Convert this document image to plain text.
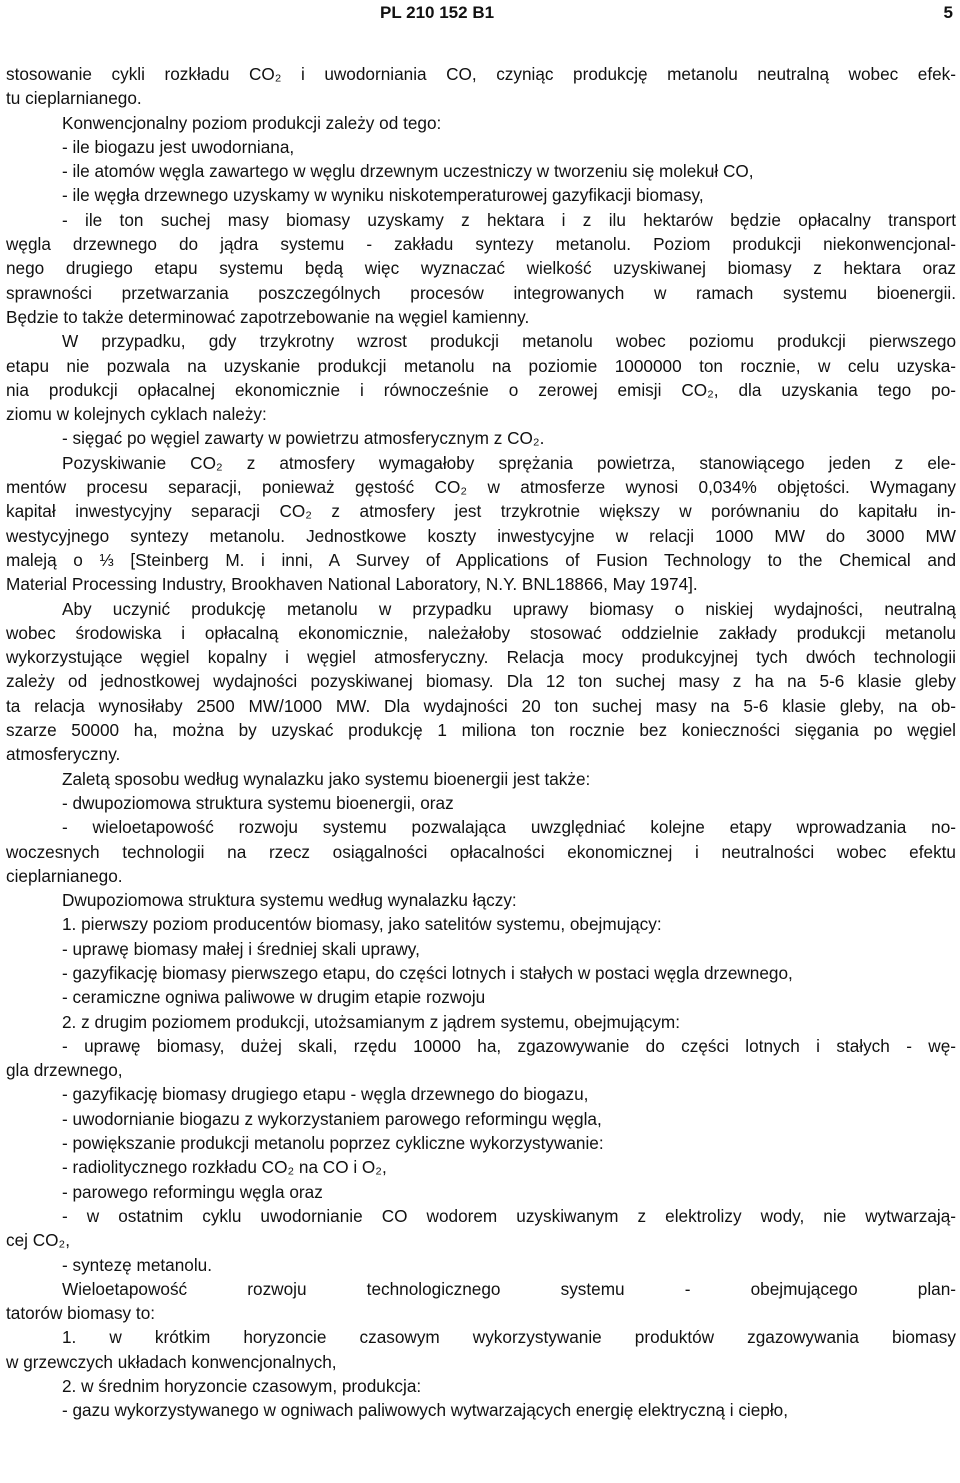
PL 210 152 B1	5
stosowanie cykli rozkładu CO₂ i uwodorniania CO, czyniąc produkcję metanolu neutralną wobec efek-
tu cieplarnianego.
Konwencjonalny poziom produkcji zależy od tego:
- ile biogazu jest uwodorniana,
- ile atomów węgla zawartego w węglu drzewnym uczestniczy w tworzeniu się molekuł CO,
- ile węgła drzewnego uzyskamy w wyniku niskotemperaturowej gazyfikacji biomasy,
- ile ton suchej masy biomasy uzyskamy z hektara i z ilu hektarów będzie opłacalny transport
węgla drzewnego do jądra systemu - zakładu syntezy metanolu. Poziom produkcji niekonwencjonal-
nego drugiego etapu systemu będą więc wyznaczać wielkość uzyskiwanej biomasy z hektara oraz
sprawności przetwarzania poszczególnych procesów integrowanych w ramach systemu bioenergii.
Będzie to także determinować zapotrzebowanie na węgiel kamienny.
W przypadku, gdy trzykrotny wzrost produkcji metanolu wobec poziomu produkcji pierwszego
etapu nie pozwala na uzyskanie produkcji metanolu na poziomie 1000000 ton rocznie, w celu uzyska-
nia produkcji opłacalnej ekonomicznie i równocześnie o zerowej emisji CO₂, dla uzyskania tego po-
ziomu w kolejnych cyklach należy:
- sięgać po węgiel zawarty w powietrzu atmosferycznym z CO₂.
Pozyskiwanie CO₂ z atmosfery wymagałoby sprężania powietrza, stanowiącego jeden z ele-
mentów procesu separacji, ponieważ gęstość CO₂ w atmosferze wynosi 0,034% objętości. Wymagany
kapitał inwestycyjny separacji CO₂ z atmosfery jest trzykrotnie większy w porównaniu do kapitału in-
westycyjnego syntezy metanolu. Jednostkowe koszty inwestycyjne w relacji 1000 MW do 3000 MW
maleją o ⅓ [Steinberg M. i inni, A Survey of Applications of Fusion Technology to the Chemical and
Material Processing Industry, Brookhaven National Laboratory, N.Y. BNL18866, May 1974].
Aby uczynić produkcję metanolu w przypadku uprawy biomasy o niskiej wydajności, neutralną
wobec środowiska i opłacalną ekonomicznie, należałoby stosować oddzielnie zakłady produkcji metanolu
wykorzystujące węgiel kopalny i węgiel atmosferyczny. Relacja mocy produkcyjnej tych dwóch technologii
zależy od jednostkowej wydajności pozyskiwanej biomasy. Dla 12 ton suchej masy z ha na 5-6 klasie gleby
ta relacja wynosiłaby 2500 MW/1000 MW. Dla wydajności 20 ton suchej masy na 5-6 klasie gleby, na ob-
szarze 50000 ha, można by uzyskać produkcję 1 miliona ton rocznie bez konieczności sięgania po węgiel
atmosferyczny.
Zaletą sposobu według wynalazku jako systemu bioenergii jest także:
- dwupoziomowa struktura systemu bioenergii, oraz
- wieloetapowość rozwoju systemu pozwalająca uwzględniać kolejne etapy wprowadzania no-
woczesnych technologii na rzecz osiągalności opłacalności ekonomicznej i neutralności wobec efektu
cieplarnianego.
Dwupoziomowa struktura systemu według wynalazku łączy:
1. pierwszy poziom producentów biomasy, jako satelitów systemu, obejmujący:
- uprawę biomasy małej i średniej skali uprawy,
- gazyfikację biomasy pierwszego etapu, do części lotnych i stałych w postaci węgla drzewnego,
- ceramiczne ogniwa paliwowe w drugim etapie rozwoju
2. z drugim poziomem produkcji, utożsamianym z jądrem systemu, obejmującym:
- uprawę biomasy, dużej skali, rzędu 10000 ha, zgazowywanie do części lotnych i stałych - wę-
gla drzewnego,
- gazyfikację biomasy drugiego etapu - węgla drzewnego do biogazu,
- uwodornianie biogazu z wykorzystaniem parowego reformingu węgla,
- powiększanie produkcji metanolu poprzez cykliczne wykorzystywanie:
- radiolitycznego rozkładu CO₂ na CO i O₂,
- parowego reformingu węgla oraz
- w ostatnim cyklu uwodornianie CO wodorem uzyskiwanym z elektrolizy wody, nie wytwarzają-
cej CO₂,
- syntezę metanolu.
Wieloetapowość rozwoju technologicznego systemu - obejmującego plan-
tatorów biomasy to:
1. w krótkim horyzoncie czasowym wykorzystywanie produktów zgazowywania biomasy
w grzewczych układach konwencjonalnych,
2. w średnim horyzoncie czasowym, produkcja:
- gazu wykorzystywanego w ogniwach paliwowych wytwarzających energię elektryczną i ciepło,
